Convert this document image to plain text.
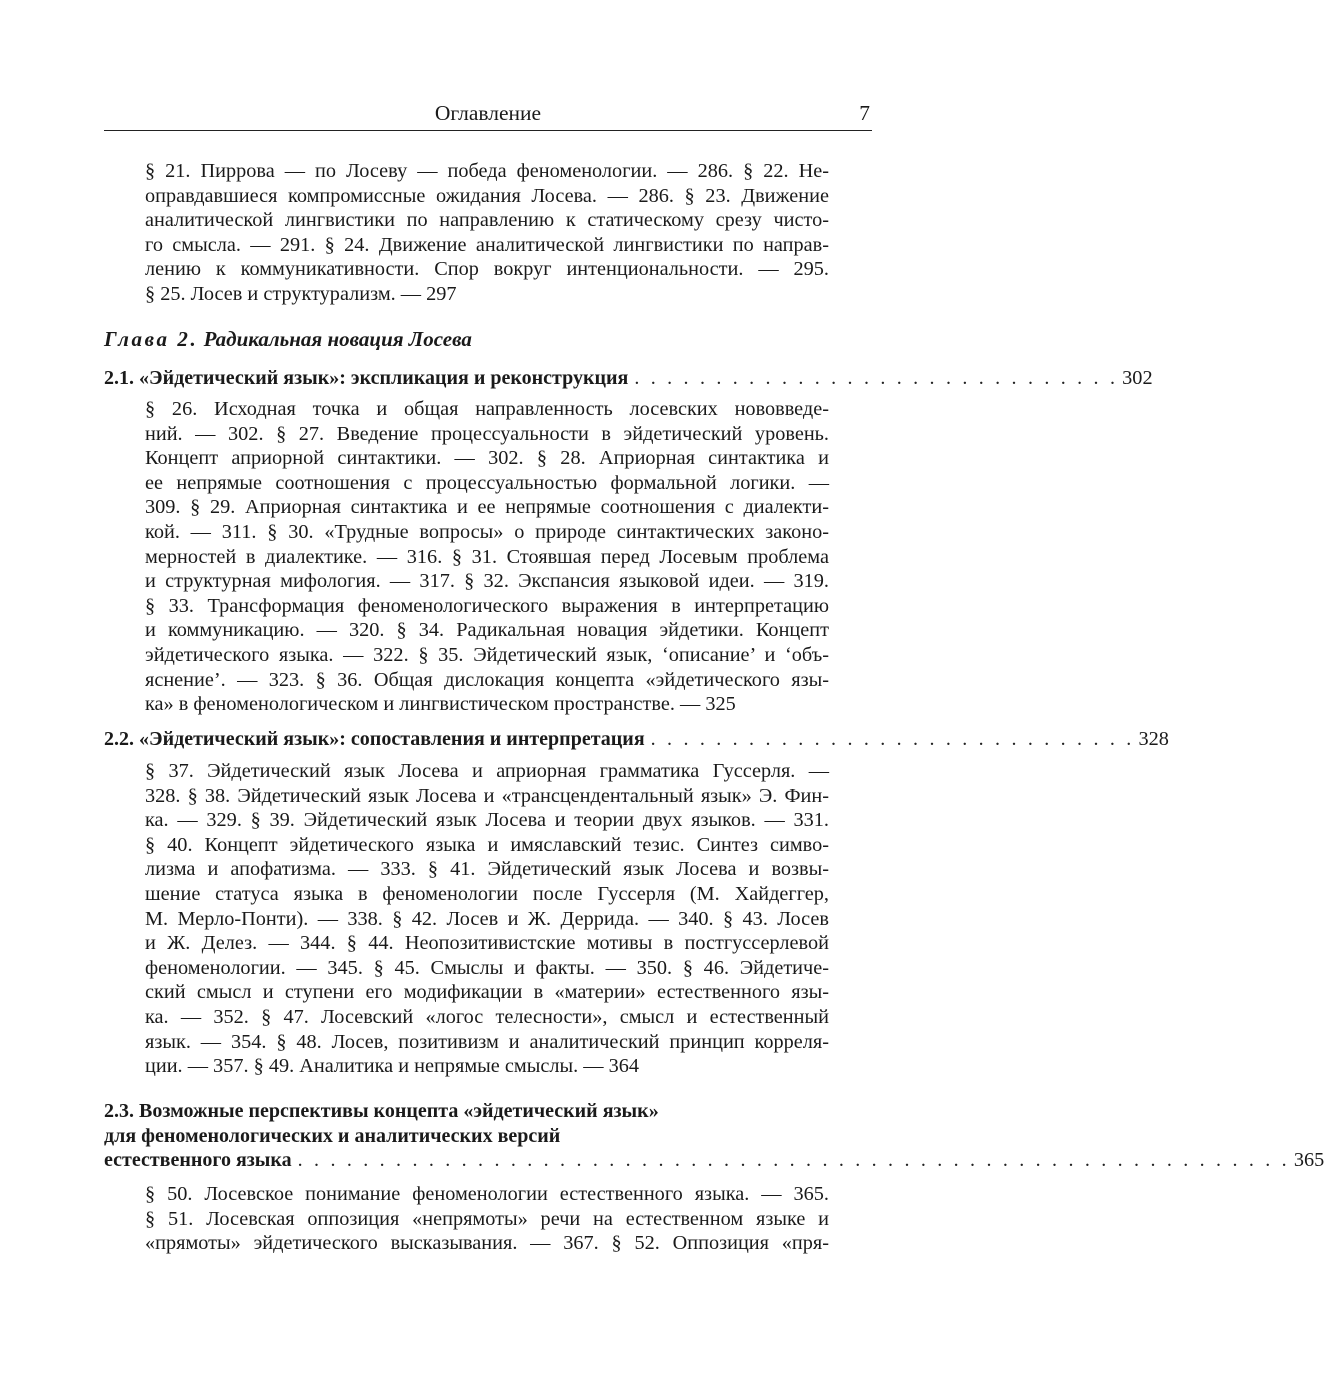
Оглавление	7
§ 21. Пиррова — по Лосеву — победа феноменологии. — 286. § 22. Не-
оправдавшиеся компромиссные ожидания Лосева. — 286. § 23. Движение
аналитической лингвистики по направлению к статическому срезу чисто-
го смысла. — 291. § 24. Движение аналитической лингвистики по направ-
лению к коммуникативности. Спор вокруг интенциональности. — 295.
§ 25. Лосев и структурализм. — 297
Глава 2. Радикальная новация Лосева
2.1. «Эйдетический язык»: экспликация и реконструкция . . . . . . . . . . . . . . . . . . . . . . . . . . . . . . 302
§ 26. Исходная точка и общая направленность лосевских нововведе-
ний. — 302. § 27. Введение процессуальности в эйдетический уровень.
Концепт априорной синтактики. — 302. § 28. Априорная синтактика и
ее непрямые соотношения с процессуальностью формальной логики. —
309. § 29. Априорная синтактика и ее непрямые соотношения с диалекти-
кой. — 311. § 30. «Трудные вопросы» о природе синтактических законо-
мерностей в диалектике. — 316. § 31. Стоявшая перед Лосевым проблема
и структурная мифология. — 317. § 32. Экспансия языковой идеи. — 319.
§ 33. Трансформация феноменологического выражения в интерпретацию
и коммуникацию. — 320. § 34. Радикальная новация эйдетики. Концепт
эйдетического языка. — 322. § 35. Эйдетический язык, ‘описание’ и ‘объ-
яснение’. — 323. § 36. Общая дислокация концепта «эйдетического язы-
ка» в феноменологическом и лингвистическом пространстве. — 325
2.2. «Эйдетический язык»: сопоставления и интерпретация . . . . . . . . . . . . . . . . . . . . . . . . . . . . . . 328
§ 37. Эйдетический язык Лосева и априорная грамматика Гуссерля. —
328. § 38. Эйдетический язык Лосева и «трансцендентальный язык» Э. Фин-
ка. — 329. § 39. Эйдетический язык Лосева и теории двух языков. — 331.
§ 40. Концепт эйдетического языка и имяславский тезис. Синтез симво-
лизма и апофатизма. — 333. § 41. Эйдетический язык Лосева и возвы-
шение статуса языка в феноменологии после Гуссерля (М. Хайдеггер,
М. Мерло-Понти). — 338. § 42. Лосев и Ж. Деррида. — 340. § 43. Лосев
и Ж. Делез. — 344. § 44. Неопозитивистские мотивы в постгуссерлевой
феноменологии. — 345. § 45. Смыслы и факты. — 350. § 46. Эйдетиче-
ский смысл и ступени его модификации в «материи» естественного язы-
ка. — 352. § 47. Лосевский «логос телесности», смысл и естественный
язык. — 354. § 48. Лосев, позитивизм и аналитический принцип корреля-
ции. — 357. § 49. Аналитика и непрямые смыслы. — 364
2.3. Возможные перспективы концепта «эйдетический язык»
для феноменологических и аналитических версий
естественного языка . . . . . . . . . . . . . . . . . . . . . . . . . . . . . . . . . . . . . . . . . . . . . . . . . . . . . . . . . . . . . 365
§ 50. Лосевское понимание феноменологии естественного языка. — 365.
§ 51. Лосевская оппозиция «непрямоты» речи на естественном языке и
«прямоты» эйдетического высказывания. — 367. § 52. Оппозиция «пря-
